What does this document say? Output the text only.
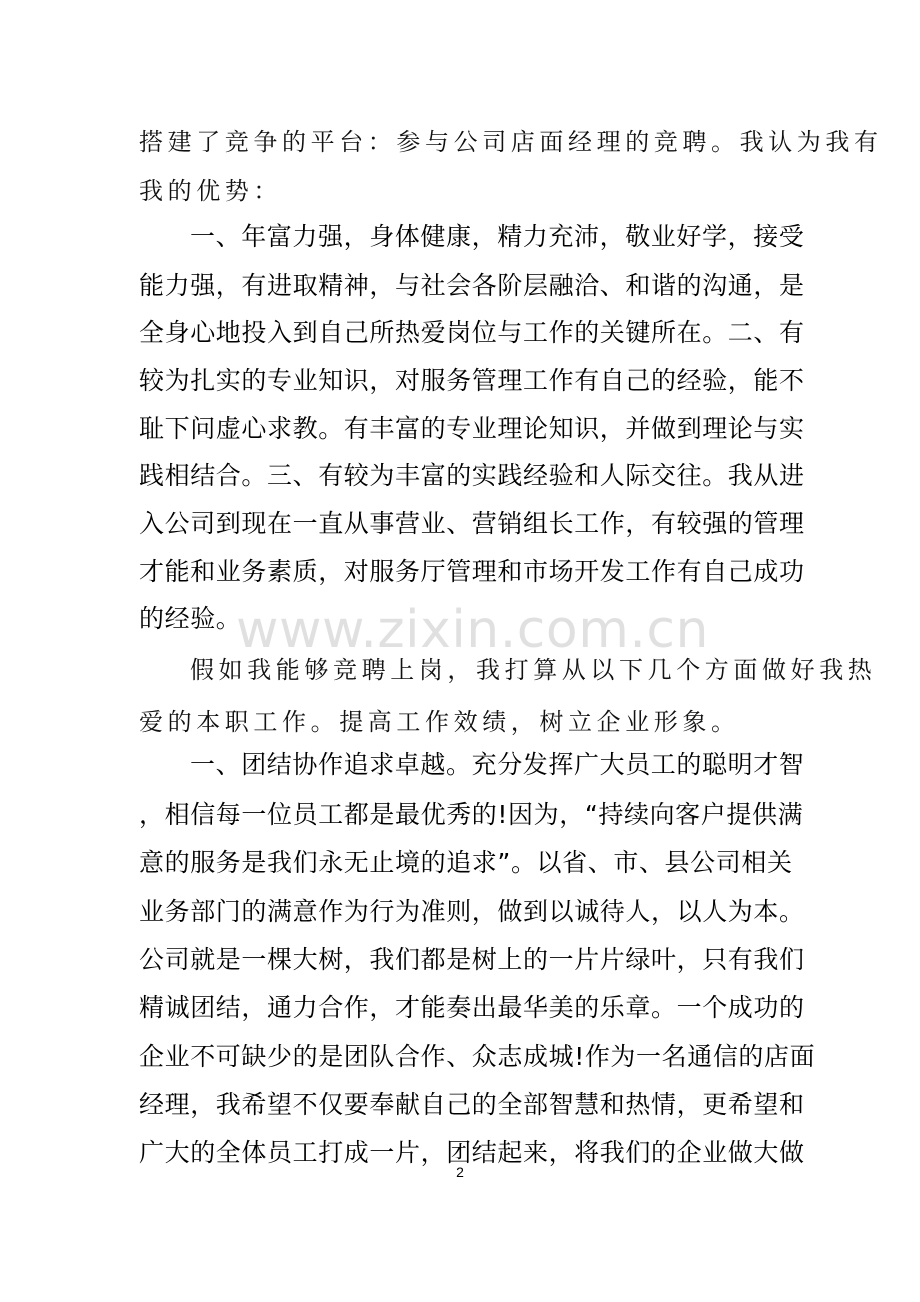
搭建了竞争的平台：参与公司店面经理的竞聘。我认为我有
我的优势：
一、年富力强，身体健康，精力充沛，敬业好学，接受
能力强，有进取精神，与社会各阶层融洽、和谐的沟通，是
全身心地投入到自己所热爱岗位与工作的关键所在。二、有
较为扎实的专业知识，对服务管理工作有自己的经验，能不
耻下问虚心求教。有丰富的专业理论知识，并做到理论与实
践相结合。三、有较为丰富的实践经验和人际交往。我从进
入公司到现在一直从事营业、营销组长工作，有较强的管理
才能和业务素质，对服务厅管理和市场开发工作有自己成功
的经验。
假如我能够竞聘上岗，我打算从以下几个方面做好我热
爱的本职工作。提高工作效绩，树立企业形象。
一、团结协作追求卓越。充分发挥广大员工的聪明才智
，相信每一位员工都是最优秀的!因为，“持续向客户提供满
意的服务是我们永无止境的追求”。以省、市、县公司相关
业务部门的满意作为行为准则，做到以诚待人，以人为本。
公司就是一棵大树，我们都是树上的一片片绿叶，只有我们
精诚团结，通力合作，才能奏出最华美的乐章。一个成功的
企业不可缺少的是团队合作、众志成城!作为一名通信的店面
经理，我希望不仅要奉献自己的全部智慧和热情，更希望和
广大的全体员工打成一片，团结起来，将我们的企业做大做
www.zixin.com.cn
2
